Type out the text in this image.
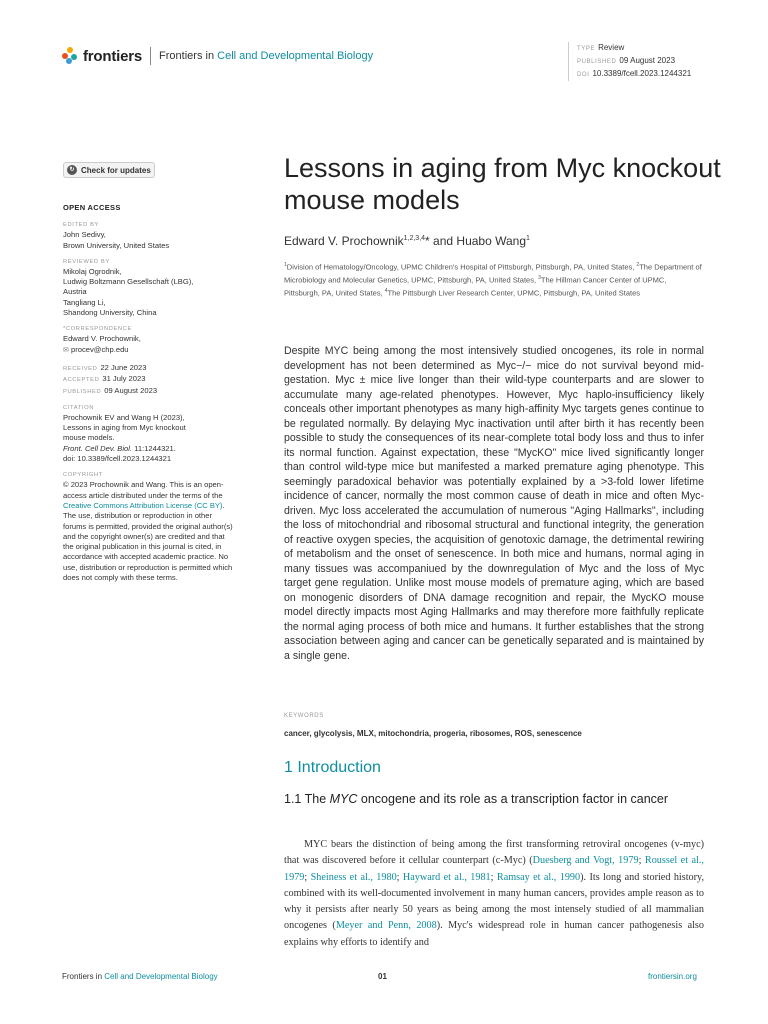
frontiers Frontiers in Cell and Developmental Biology
TYPE Review
PUBLISHED 09 August 2023
DOI 10.3389/fcell.2023.1244321
↻ Check for updates
OPEN ACCESS
EDITED BY
John Sedivy,
Brown University, United States
REVIEWED BY
Mikolaj Ogrodnik,
Ludwig Boltzmann Gesellschaft (LBG),
Austria
Tangliang Li,
Shandong University, China
*CORRESPONDENCE
Edward V. Prochownik,
✉ procev@chp.edu
RECEIVED 22 June 2023
ACCEPTED 31 July 2023
PUBLISHED 09 August 2023
CITATION
Prochownik EV and Wang H (2023),
Lessons in aging from Myc knockout
mouse models.
Front. Cell Dev. Biol. 11:1244321.
doi: 10.3389/fcell.2023.1244321
COPYRIGHT
© 2023 Prochownik and Wang. This is an open-access article distributed under the terms of the Creative Commons Attribution License (CC BY). The use, distribution or reproduction in other forums is permitted, provided the original author(s) and the copyright owner(s) are credited and that the original publication in this journal is cited, in accordance with accepted academic practice. No use, distribution or reproduction is permitted which does not comply with these terms.
Lessons in aging from Myc knockout mouse models
Edward V. Prochownik$^{1,2,3,4}$* and Huabo Wang$^1$
$^1$Division of Hematology/Oncology, UPMC Children's Hospital of Pittsburgh, Pittsburgh, PA, United States, $^2$The Department of Microbiology and Molecular Genetics, UPMC, Pittsburgh, PA, United States, $^3$The Hillman Cancer Center of UPMC, Pittsburgh, PA, United States, $^4$The Pittsburgh Liver Research Center, UPMC, Pittsburgh, PA, United States

Despite MYC being among the most intensively studied oncogenes, its role in normal development has not been determined as Myc−/− mice do not survival beyond mid-gestation. Myc ± mice live longer than their wild-type counterparts and are slower to accumulate many age-related phenotypes. However, Myc haplo-insufficiency likely conceals other important phenotypes as many high-affinity Myc targets genes continue to be regulated normally. By delaying Myc inactivation until after birth it has recently been possible to study the consequences of its near-complete total body loss and thus to infer its normal function. Against expectation, these "MycKO" mice lived significantly longer than control wild-type mice but manifested a marked premature aging phenotype. This seemingly paradoxical behavior was potentially explained by a >3-fold lower lifetime incidence of cancer, normally the most common cause of death in mice and often Myc-driven. Myc loss accelerated the accumulation of numerous "Aging Hallmarks", including the loss of mitochondrial and ribosomal structural and functional integrity, the generation of reactive oxygen species, the acquisition of genotoxic damage, the detrimental rewiring of metabolism and the onset of senescence. In both mice and humans, normal aging in many tissues was accompaniued by the downregulation of Myc and the loss of Myc target gene regulation. Unlike most mouse models of premature aging, which are based on monogenic disorders of DNA damage recognition and repair, the MycKO mouse model directly impacts most Aging Hallmarks and may therefore more faithfully replicate the normal aging process of both mice and humans. It further establishes that the strong association between aging and cancer can be genetically separated and is maintained by a single gene.

KEYWORDS
cancer, glycolysis, MLX, mitochondria, progeria, ribosomes, ROS, senescence
1 Introduction
1.1 The MYC oncogene and its role as a transcription factor in cancer

MYC bears the distinction of being among the first transforming retroviral oncogenes (v-myc) that was discovered before it cellular counterpart (c-Myc) (Duesberg and Vogt, 1979; Roussel et al., 1979; Sheiness et al., 1980; Hayward et al., 1981; Ramsay et al., 1990). Its long and storied history, combined with its well-documented involvement in many human cancers, provides ample reason as to why it persists after nearly 50 years as being among the most intensely studied of all mammalian oncogenes (Meyer and Penn, 2008). Myc's widespread role in human cancer pathogenesis also explains why efforts to identify and

Frontiers in Cell and Developmental Biology	01	frontiersin.org
